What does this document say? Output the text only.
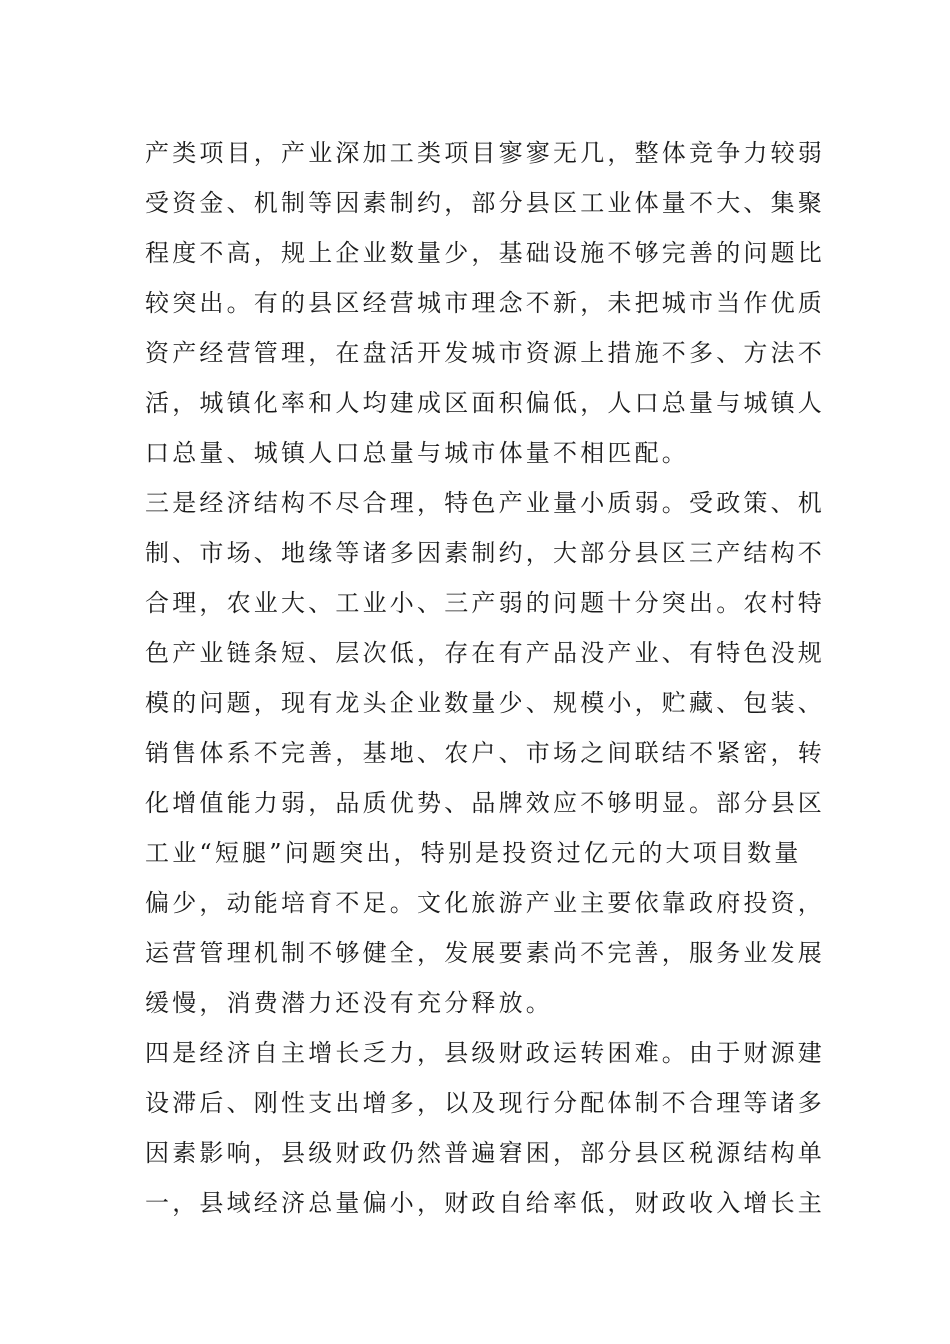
产类项目，产业深加工类项目寥寥无几，整体竞争力较弱
受资金、机制等因素制约，部分县区工业体量不大、集聚
程度不高，规上企业数量少，基础设施不够完善的问题比
较突出。有的县区经营城市理念不新，未把城市当作优质
资产经营管理，在盘活开发城市资源上措施不多、方法不
活，城镇化率和人均建成区面积偏低，人口总量与城镇人
口总量、城镇人口总量与城市体量不相匹配。
三是经济结构不尽合理，特色产业量小质弱。受政策、机
制、市场、地缘等诸多因素制约，大部分县区三产结构不
合理，农业大、工业小、三产弱的问题十分突出。农村特
色产业链条短、层次低，存在有产品没产业、有特色没规
模的问题，现有龙头企业数量少、规模小，贮藏、包装、
销售体系不完善，基地、农户、市场之间联结不紧密，转
化增值能力弱，品质优势、品牌效应不够明显。部分县区
工业“短腿”问题突出，特别是投资过亿元的大项目数量
偏少，动能培育不足。文化旅游产业主要依靠政府投资，
运营管理机制不够健全，发展要素尚不完善，服务业发展
缓慢，消费潜力还没有充分释放。
四是经济自主增长乏力，县级财政运转困难。由于财源建
设滞后、刚性支出增多，以及现行分配体制不合理等诸多
因素影响，县级财政仍然普遍窘困，部分县区税源结构单
一，县域经济总量偏小，财政自给率低，财政收入增长主
